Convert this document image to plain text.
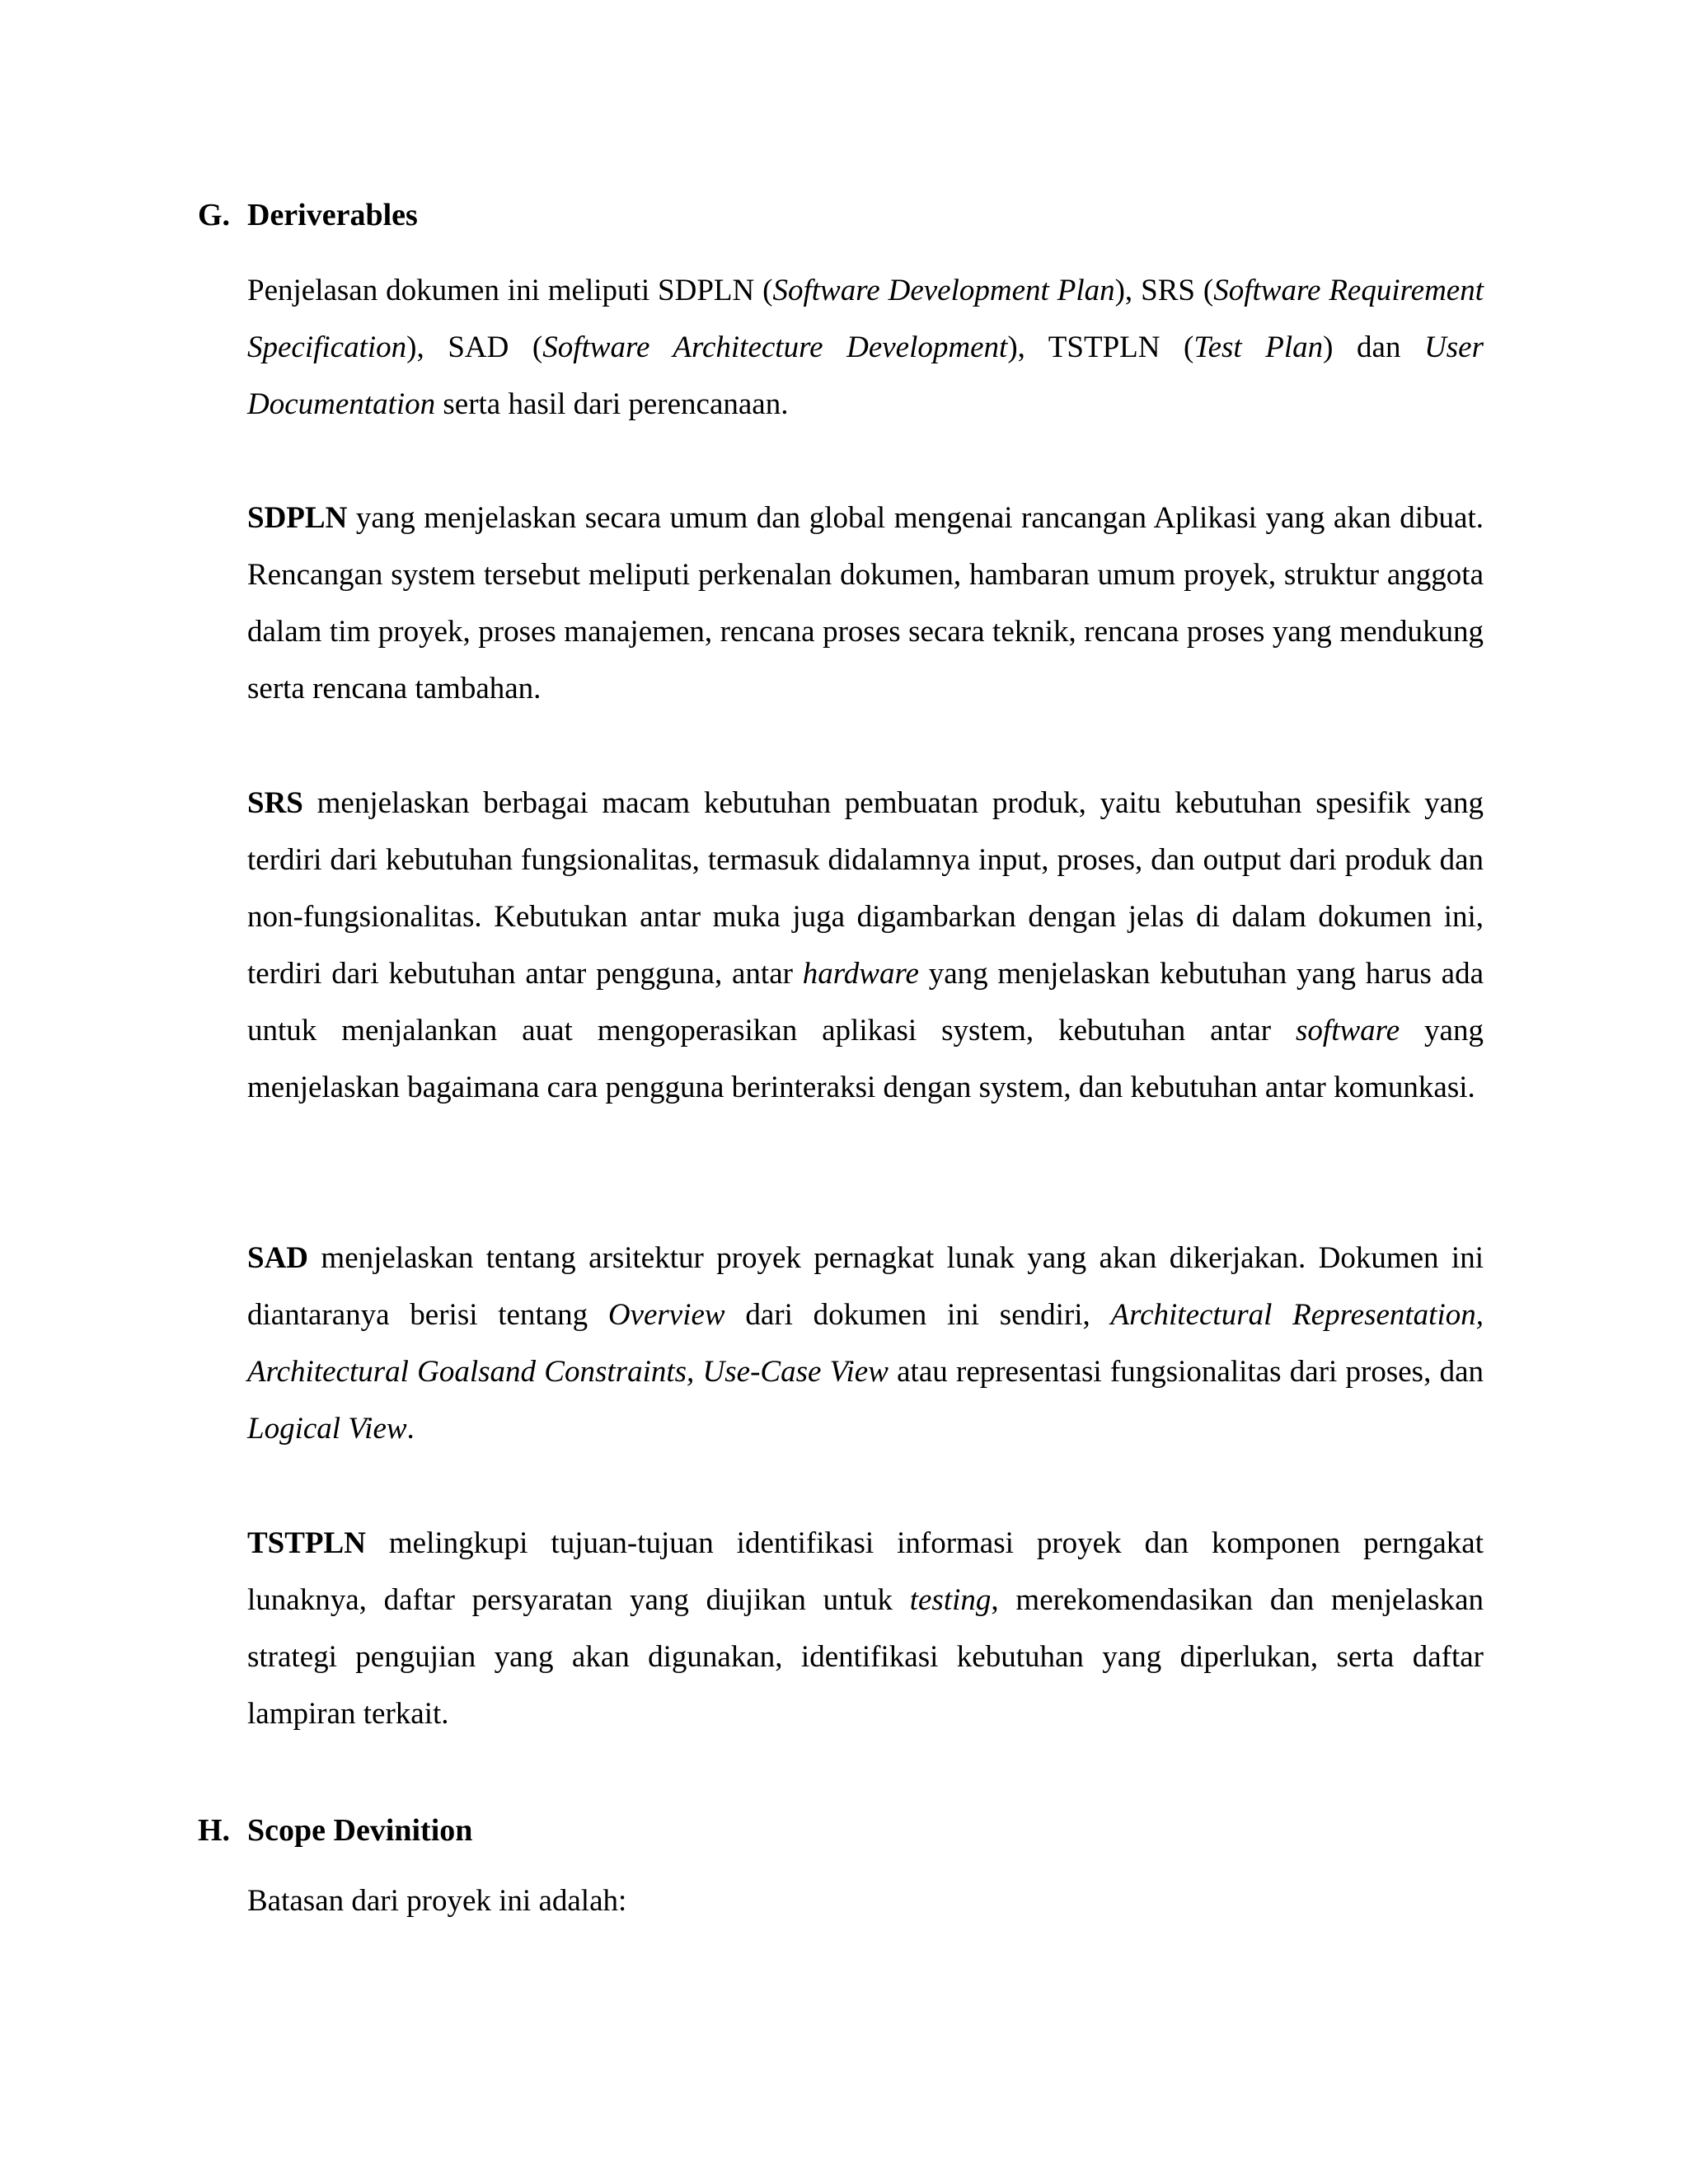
G. Deriverables

Penjelasan dokumen ini meliputi SDPLN (Software Development Plan), SRS (Software Requirement Specification), SAD (Software Architecture Development), TSTPLN (Test Plan) dan User Documentation serta hasil dari perencanaan.

SDPLN yang menjelaskan secara umum dan global mengenai rancangan Aplikasi yang akan dibuat. Rencangan system tersebut meliputi perkenalan dokumen, hambaran umum proyek, struktur anggota dalam tim proyek, proses manajemen, rencana proses secara teknik, rencana proses yang mendukung serta rencana tambahan.

SRS menjelaskan berbagai macam kebutuhan pembuatan produk, yaitu kebutuhan spesifik yang terdiri dari kebutuhan fungsionalitas, termasuk didalamnya input, proses, dan output dari produk dan non-fungsionalitas. Kebutukan antar muka juga digambarkan dengan jelas di dalam dokumen ini, terdiri dari kebutuhan antar pengguna, antar hardware yang menjelaskan kebutuhan yang harus ada untuk menjalankan auat mengoperasikan aplikasi system, kebutuhan antar software yang menjelaskan bagaimana cara pengguna berinteraksi dengan system, dan kebutuhan antar komunkasi.

SAD menjelaskan tentang arsitektur proyek pernagkat lunak yang akan dikerjakan. Dokumen ini diantaranya berisi tentang Overview dari dokumen ini sendiri, Architectural Representation, Architectural Goalsand Constraints, Use-Case View atau representasi fungsionalitas dari proses, dan Logical View.

TSTPLN melingkupi tujuan-tujuan identifikasi informasi proyek dan komponen perngakat lunaknya, daftar persyaratan yang diujikan untuk testing, merekomendasikan dan menjelaskan strategi pengujian yang akan digunakan, identifikasi kebutuhan yang diperlukan, serta daftar lampiran terkait.

H. Scope Devinition

Batasan dari proyek ini adalah:
